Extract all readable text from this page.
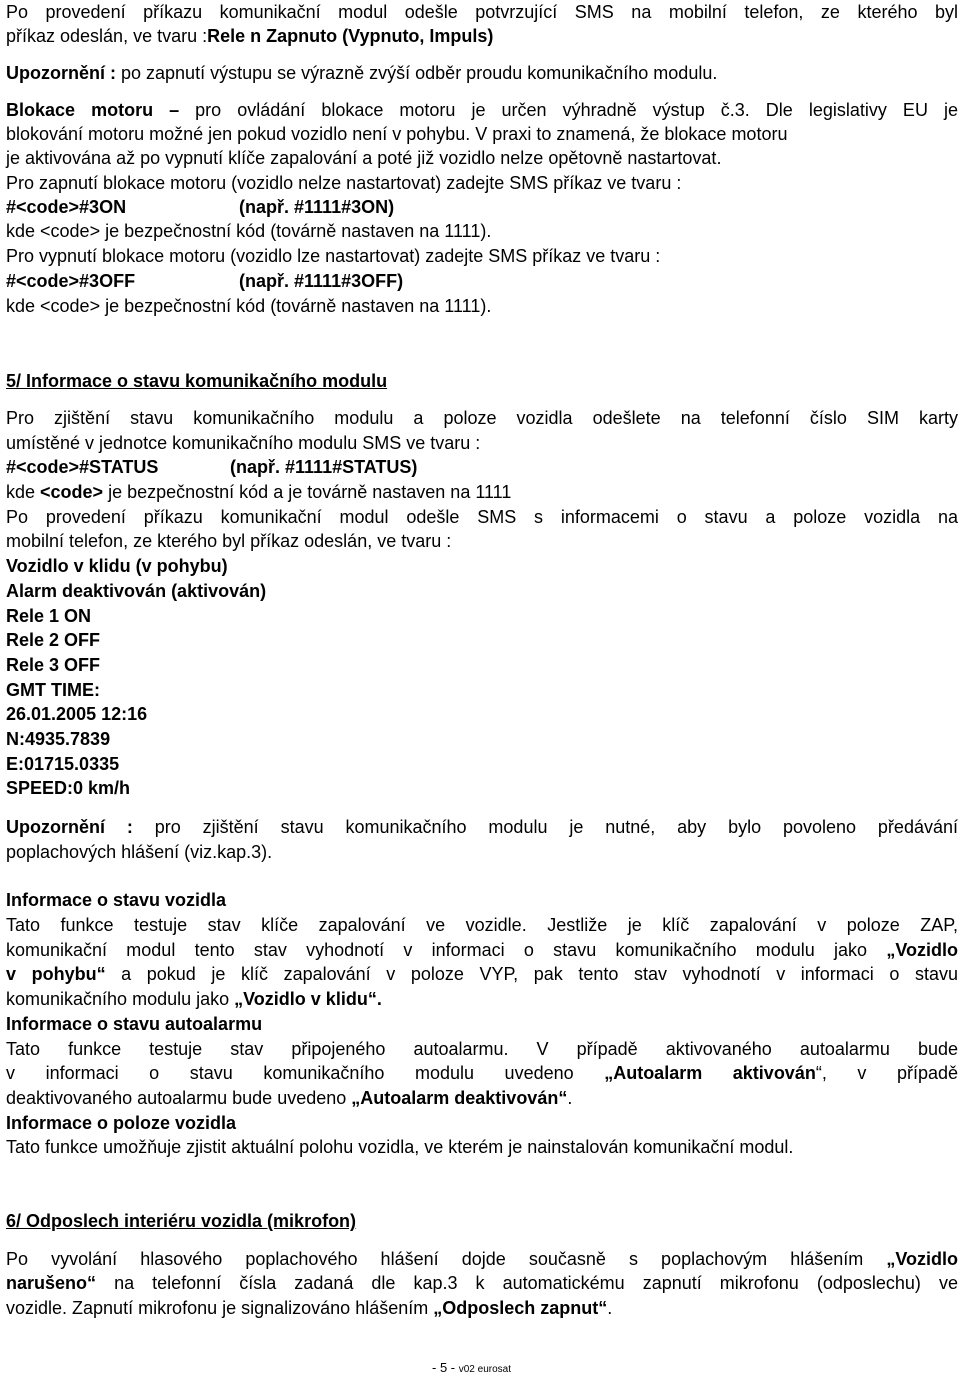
Po provedení příkazu komunikační modul odešle potvrzující SMS na mobilní telefon, ze kterého byl
příkaz odeslán, ve tvaru :Rele n Zapnuto (Vypnuto, Impuls)
Upozornění : po zapnutí výstupu se výrazně zvýší odběr proudu komunikačního modulu.
Blokace motoru – pro ovládání blokace motoru je určen výhradně výstup č.3. Dle legislativy EU je
blokování motoru možné jen pokud vozidlo není v pohybu. V praxi to znamená, že blokace motoru
je aktivována až po vypnutí klíče zapalování a poté již vozidlo nelze opětovně nastartovat.
Pro zapnutí blokace motoru (vozidlo nelze nastartovat) zadejte SMS příkaz ve tvaru :
#<code>#3ON	(např. #1111#3ON)
kde <code> je bezpečnostní kód (továrně nastaven na 1111).
Pro vypnutí blokace motoru (vozidlo lze nastartovat) zadejte SMS příkaz ve tvaru :
#<code>#3OFF	(např. #1111#3OFF)
kde <code> je bezpečnostní kód (továrně nastaven na 1111).
5/ Informace o stavu komunikačního modulu
Pro zjištění stavu komunikačního modulu a poloze vozidla odešlete na telefonní číslo SIM karty
umístěné v jednotce komunikačního modulu SMS ve tvaru :
#<code>#STATUS	(např. #1111#STATUS)
kde <code> je bezpečnostní kód a je továrně nastaven na 1111
Po provedení příkazu komunikační modul odešle SMS s informacemi o stavu a poloze vozidla na
mobilní telefon, ze kterého byl příkaz odeslán, ve tvaru :
Vozidlo v klidu (v pohybu)
Alarm deaktivován (aktivován)
Rele 1 ON
Rele 2 OFF
Rele 3 OFF
GMT TIME:
26.01.2005 12:16
N:4935.7839
E:01715.0335
SPEED:0 km/h
Upozornění : pro zjištění stavu komunikačního modulu je nutné, aby bylo povoleno předávání
poplachových hlášení (viz.kap.3).
Informace o stavu vozidla
Tato funkce testuje stav klíče zapalování ve vozidle. Jestliže je klíč zapalování v poloze ZAP,
komunikační modul tento stav vyhodnotí v informaci o stavu komunikačního modulu jako „Vozidlo
v pohybu“ a pokud je klíč zapalování v poloze VYP, pak tento stav vyhodnotí v informaci o stavu
komunikačního modulu jako „Vozidlo v klidu“.
Informace o stavu autoalarmu
Tato funkce testuje stav připojeného autoalarmu. V případě aktivovaného autoalarmu bude
v informaci o stavu komunikačního modulu uvedeno „Autoalarm aktivován“, v případě
deaktivovaného autoalarmu bude uvedeno „Autoalarm deaktivován“.
Informace o poloze vozidla
Tato funkce umožňuje zjistit aktuální polohu vozidla, ve kterém je nainstalován komunikační modul.
6/ Odposlech interiéru vozidla (mikrofon)
Po vyvolání hlasového poplachového hlášení dojde současně s poplachovým hlášením „Vozidlo
narušeno“ na telefonní čísla zadaná dle kap.3 k automatickému zapnutí mikrofonu (odposlechu) ve
vozidle. Zapnutí mikrofonu je signalizováno hlášením „Odposlech zapnut“.
- 5 - v02 eurosat
